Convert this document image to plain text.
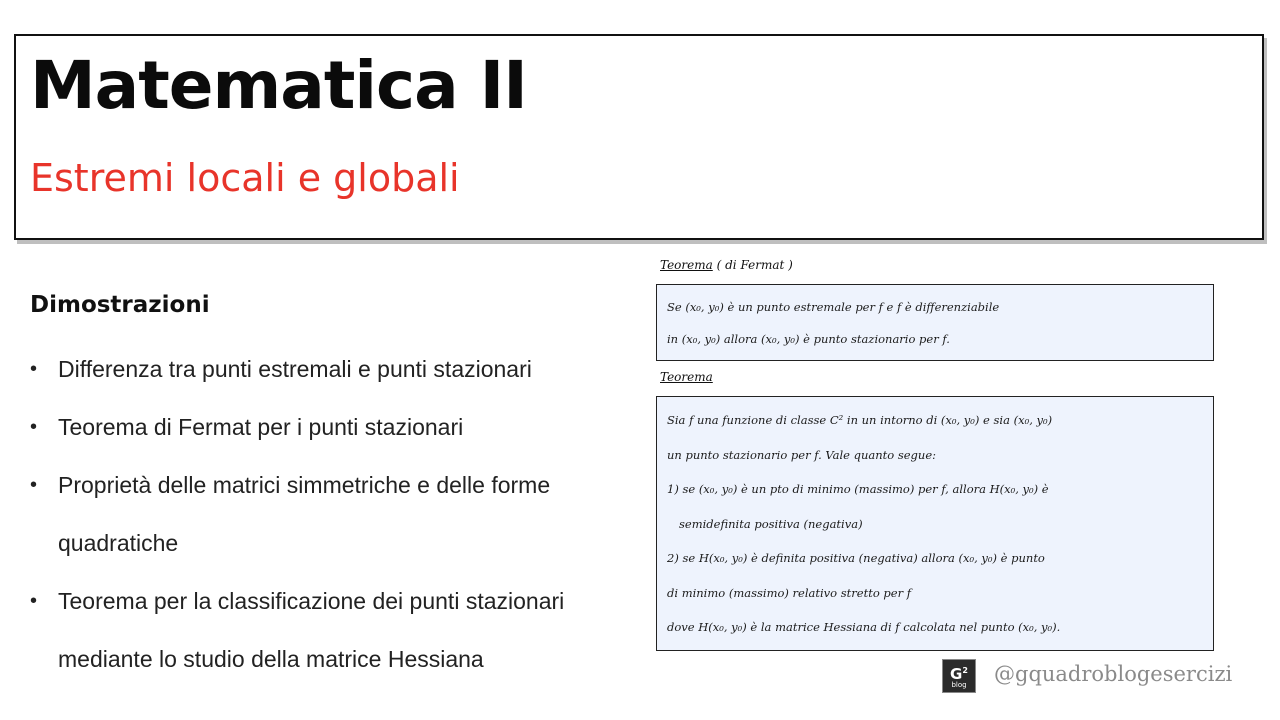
Matematica II
Estremi locali e globali
Dimostrazioni
• Differenza tra punti estremali e punti stazionari
• Teorema di Fermat per i punti stazionari
• Proprietà delle matrici simmetriche e delle forme
quadratiche
• Teorema per la classificazione dei punti stazionari
mediante lo studio della matrice Hessiana
Teorema ( di Fermat )
Se (x₀, y₀) è un punto estremale per f e f è differenziabile
in (x₀, y₀) allora (x₀, y₀) è punto stazionario per f.
Teorema
Sia f una funzione di classe C² in un intorno di (x₀, y₀) e sia (x₀, y₀)
un punto stazionario per f. Vale quanto segue:
1) se (x₀, y₀) è un pto di minimo (massimo) per f, allora H(x₀, y₀) è
semidefinita positiva (negativa)
2) se H(x₀, y₀) è definita positiva (negativa) allora (x₀, y₀) è punto
di minimo (massimo) relativo stretto per f
dove H(x₀, y₀) è la matrice Hessiana di f calcolata nel punto (x₀, y₀).
$G^2$
blog @gquadroblogesercizi
